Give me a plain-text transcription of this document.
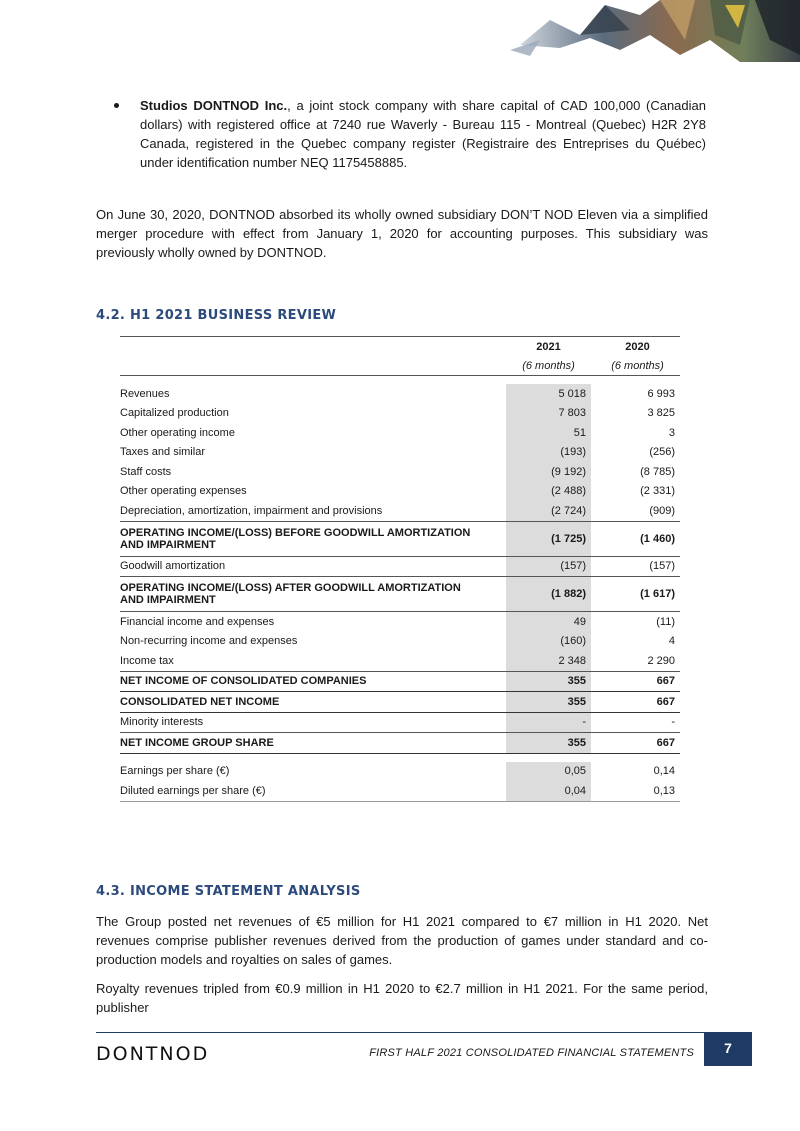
Studios DONTNOD Inc., a joint stock company with share capital of CAD 100,000 (Canadian dollars) with registered office at 7240 rue Waverly - Bureau 115 - Montreal (Quebec) H2R 2Y8 Canada, registered in the Quebec company register (Registraire des Entreprises du Québec) under identification number NEQ 1175458885.
On June 30, 2020, DONTNOD absorbed its wholly owned subsidiary DON’T NOD Eleven via a simplified merger procedure with effect from January 1, 2020 for accounting purposes. This subsidiary was previously wholly owned by DONTNOD.
4.2. H1 2021 BUSINESS REVIEW
	2021		2020
	(6 months)		(6 months)

Revenues	5 018		6 993
Capitalized production	7 803		3 825
Other operating income	51		3
Taxes and similar	(193)		(256)
Staff costs	(9 192)		(8 785)
Other operating expenses	(2 488)		(2 331)
Depreciation, amortization, impairment and provisions	(2 724)		(909)
OPERATING INCOME/(LOSS) BEFORE GOODWILL AMORTIZATION AND IMPAIRMENT	(1 725)		(1 460)
Goodwill amortization	(157)		(157)
OPERATING INCOME/(LOSS) AFTER GOODWILL AMORTIZATION AND IMPAIRMENT	(1 882)		(1 617)
Financial income and expenses	49		(11)
Non-recurring income and expenses	(160)		4
Income tax	2 348		2 290
NET INCOME OF CONSOLIDATED COMPANIES	355		667
CONSOLIDATED NET INCOME	355		667
Minority interests	-		-
NET INCOME GROUP SHARE	355		667

Earnings per share (€)	0,05		0,14
Diluted earnings per share (€)	0,04		0,13
4.3. INCOME STATEMENT ANALYSIS
The Group posted net revenues of €5 million for H1 2021 compared to €7 million in H1 2020. Net revenues comprise publisher revenues derived from the production of games under standard and co-production models and royalties on sales of games.
Royalty revenues tripled from €0.9 million in H1 2020 to €2.7 million in H1 2021. For the same period, publisher
DONTNOD	FIRST HALF 2021 CONSOLIDATED FINANCIAL STATEMENTS	7
